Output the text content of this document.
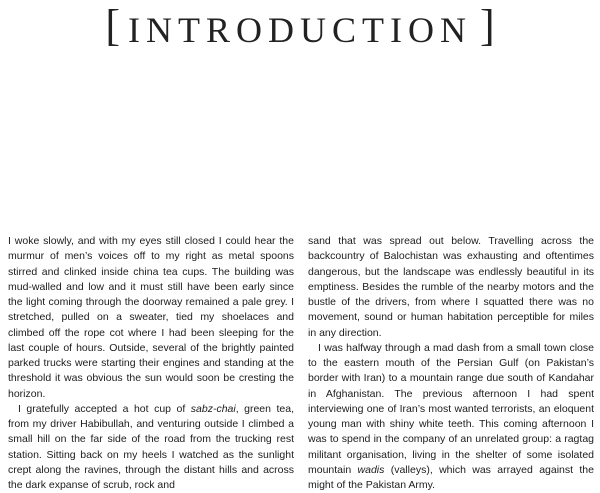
[ INTRODUCTION ]

I woke slowly, and with my eyes still closed I could hear the murmur of men’s voices off to my right as metal spoons stirred and clinked inside china tea cups. The building was mud-walled and low and it must still have been early since the light coming through the doorway remained a pale grey. I stretched, pulled on a sweater, tied my shoelaces and climbed off the rope cot where I had been sleeping for the last couple of hours. Outside, several of the brightly painted parked trucks were starting their engines and standing at the threshold it was obvious the sun would soon be cresting the horizon.

I gratefully accepted a hot cup of sabz-chai, green tea, from my driver Habibullah, and venturing outside I climbed a small hill on the far side of the road from the trucking rest station. Sitting back on my heels I watched as the sunlight crept along the ravines, through the distant hills and across the dark expanse of scrub, rock and

sand that was spread out below. Travelling across the backcountry of Balochistan was exhausting and oftentimes dangerous, but the landscape was endlessly beautiful in its emptiness. Besides the rumble of the nearby motors and the bustle of the drivers, from where I squatted there was no movement, sound or human habitation perceptible for miles in any direction.

I was halfway through a mad dash from a small town close to the eastern mouth of the Persian Gulf (on Pakistan’s border with Iran) to a mountain range due south of Kandahar in Afghanistan. The previous afternoon I had spent interviewing one of Iran’s most wanted terrorists, an eloquent young man with shiny white teeth. This coming afternoon I was to spend in the company of an unrelated group: a ragtag militant organisation, living in the shelter of some isolated mountain wadis (valleys), which was arrayed against the might of the Pakistan Army.
